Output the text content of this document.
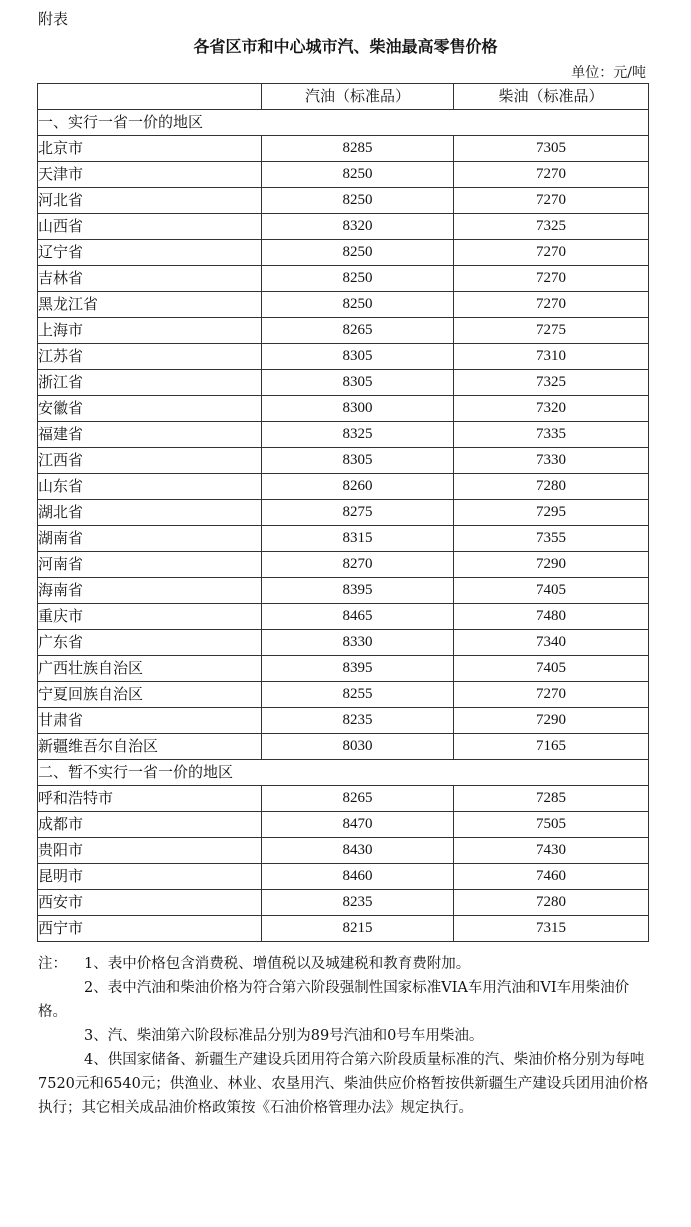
附表
各省区市和中心城市汽、柴油最高零售价格
单位：元/吨
	汽油（标准品）	柴油（标准品）
一、实行一省一价的地区		
北京市	8285	7305
天津市	8250	7270
河北省	8250	7270
山西省	8320	7325
辽宁省	8250	7270
吉林省	8250	7270
黑龙江省	8250	7270
上海市	8265	7275
江苏省	8305	7310
浙江省	8305	7325
安徽省	8300	7320
福建省	8325	7335
江西省	8305	7330
山东省	8260	7280
湖北省	8275	7295
湖南省	8315	7355
河南省	8270	7290
海南省	8395	7405
重庆市	8465	7480
广东省	8330	7340
广西壮族自治区	8395	7405
宁夏回族自治区	8255	7270
甘肃省	8235	7290
新疆维吾尔自治区	8030	7165
二、暂不实行一省一价的地区		
呼和浩特市	8265	7285
成都市	8470	7505
贵阳市	8430	7430
昆明市	8460	7460
西安市	8235	7280
西宁市	8215	7315

注： 1、表中价格包含消费税、增值税以及城建税和教育费附加。

2、表中汽油和柴油价格为符合第六阶段强制性国家标准VIA车用汽油和VI车用柴油价格。

3、汽、柴油第六阶段标准品分别为89号汽油和0号车用柴油。

4、供国家储备、新疆生产建设兵团用符合第六阶段质量标准的汽、柴油价格分别为每吨7520元和6540元；供渔业、林业、农垦用汽、柴油供应价格暂按供新疆生产建设兵团用油价格执行；其它相关成品油价格政策按《石油价格管理办法》规定执行。
